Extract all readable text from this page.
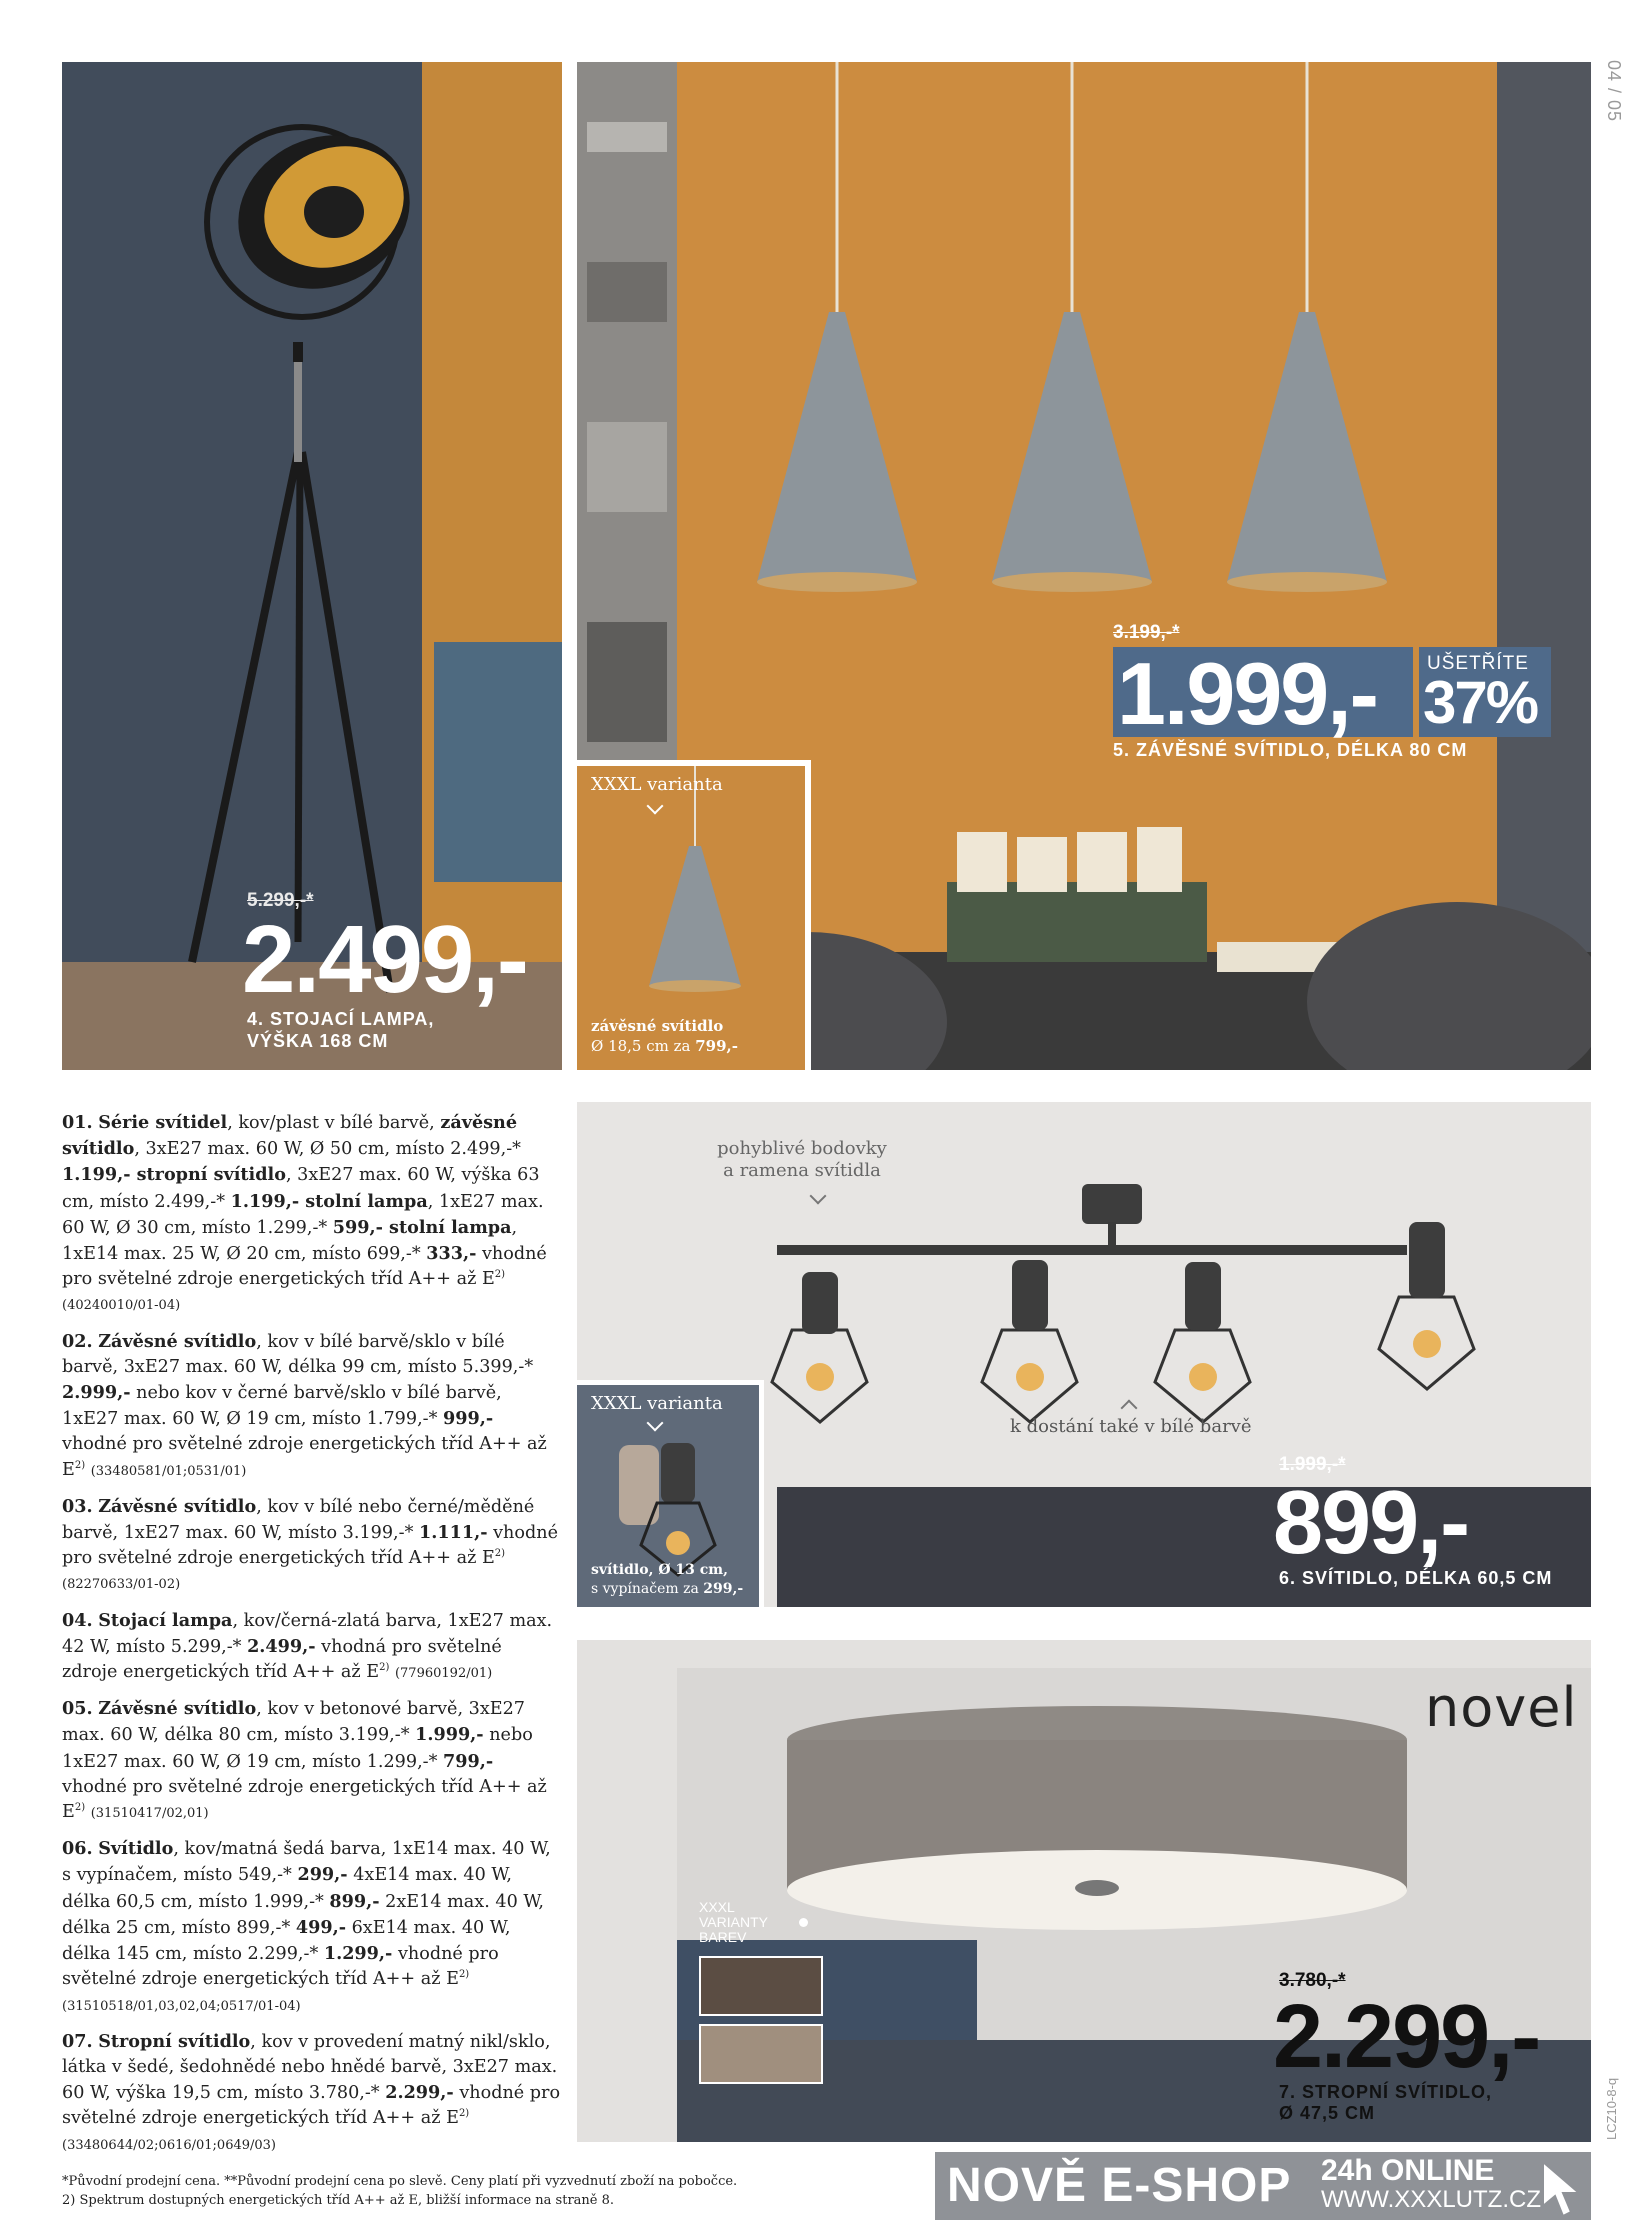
04 / 05
5.299,-*
2.499,-
4. STOJACÍ LAMPA,
VÝŠKA 168 CM
3.199,-*
1.999,-	UŠETŘÍTE
37%
5. ZÁVĚSNÉ SVÍTIDLO, DÉLKA 80 CM
XXXL varianta
závěsné svítidlo
Ø 18,5 cm za 799,-
pohyblivé bodovky
a ramena svítidla
k dostání také v bílé barvě
1.999,-*
899,-
6. SVÍTIDLO, DÉLKA 60,5 CM
XXXL varianta
svítidlo, Ø 13 cm,
s vypínačem za 299,-
novel
XXXL
VARIANTY
BAREV
3.780,-*
2.299,-
7. STROPNÍ SVÍTIDLO,
Ø 47,5 CM	LCZ10-8-q

01. Série svítidel, kov/plast v bílé barvě, závěsné svítidlo, 3xE27 max. 60 W, Ø 50 cm, místo 2.499,-* 1.199,- stropní svítidlo, 3xE27 max. 60 W, výška 63 cm, místo 2.499,-* 1.199,- stolní lampa, 1xE27 max. 60 W, Ø 30 cm, místo 1.299,-* 599,- stolní lampa, 1xE14 max. 25 W, Ø 20 cm, místo 699,-* 333,- vhodné pro světelné zdroje energetických tříd A++ až $E^{2)}$
(40240010/01-04)

02. Závěsné svítidlo, kov v bílé barvě/sklo v bílé barvě, 3xE27 max. 60 W, délka 99 cm, místo 5.399,-* 2.999,- nebo kov v černé barvě/sklo v bílé barvě, 1xE27 max. 60 W, Ø 19 cm, místo 1.799,-* 999,- vhodné pro světelné zdroje energetických tříd A++ až $E^{2)}$ (33480581/01;0531/01)

03. Závěsné svítidlo, kov v bílé nebo černé/měděné barvě, 1xE27 max. 60 W, místo 3.199,-* 1.111,- vhodné pro světelné zdroje energetických tříd A++ až $E^{2)}$ (82270633/01-02)

04. Stojací lampa, kov/černá-zlatá barva, 1xE27 max. 42 W, místo 5.299,-* 2.499,- vhodná pro světelné zdroje energetických tříd A++ až $E^{2)}$ (77960192/01)

05. Závěsné svítidlo, kov v betonové barvě, 3xE27 max. 60 W, délka 80 cm, místo 3.199,-* 1.999,- nebo 1xE27 max. 60 W, Ø 19 cm, místo 1.299,-* 799,- vhodné pro světelné zdroje energetických tříd A++ až $E^{2)}$ (31510417/02,01)

06. Svítidlo, kov/matná šedá barva, 1xE14 max. 40 W, s vypínačem, místo 549,-* 299,- 4xE14 max. 40 W, délka 60,5 cm, místo 1.999,-* 899,- 2xE14 max. 40 W, délka 25 cm, místo 899,-* 499,- 6xE14 max. 40 W, délka 145 cm, místo 2.299,-* 1.299,- vhodné pro světelné zdroje energetických tříd A++ až $E^{2)}$
(31510518/01,03,02,04;0517/01-04)

07. Stropní svítidlo, kov v provedení matný nikl/sklo, látka v šedé, šedohnědé nebo hnědé barvě, 3xE27 max. 60 W, výška 19,5 cm, místo 3.780,-* 2.299,- vhodné pro světelné zdroje energetických tříd A++ až $E^{2)}$ (33480644/02;0616/01;0649/03)

*Původní prodejní cena. **Původní prodejní cena po slevě. Ceny platí při vyzvednutí zboží na pobočce.
2) Spektrum dostupných energetických tříd A++ až E, bližší informace na straně 8.	NOVĚ E-SHOP 24h ONLINE
WWW.XXXLUTZ.CZ
